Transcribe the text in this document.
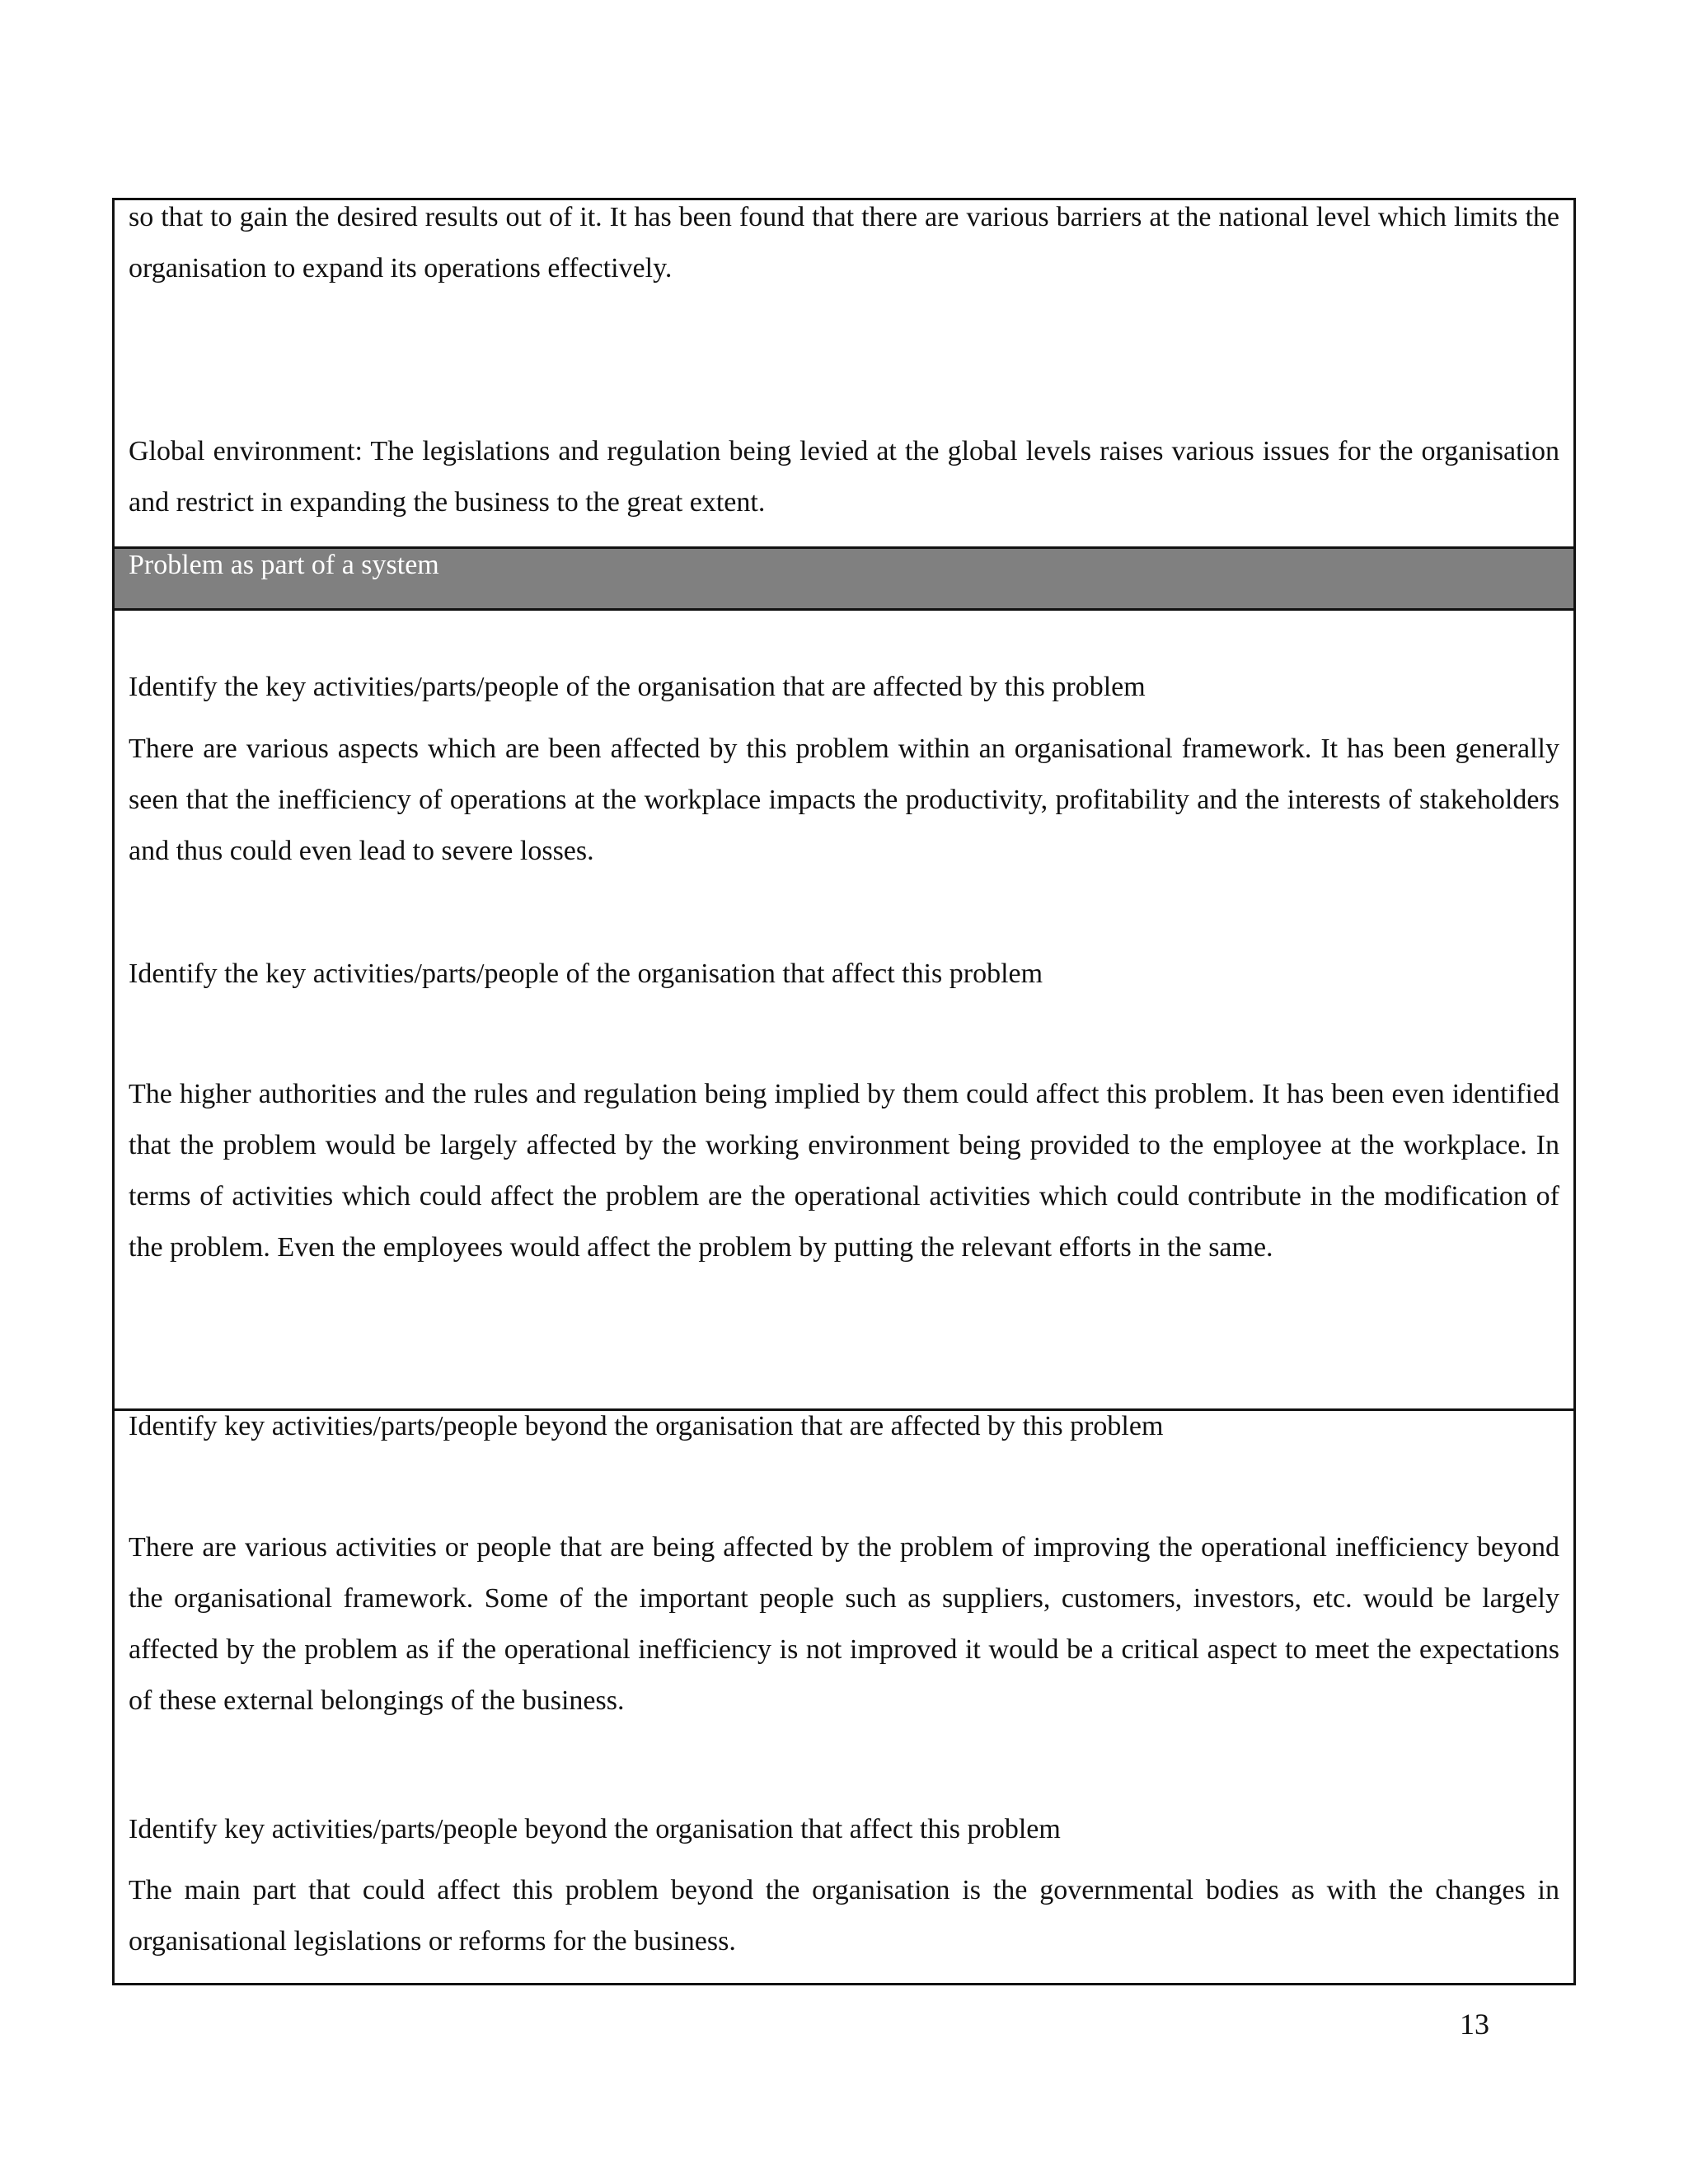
so that to gain the desired results out of it. It has been found that there are various barriers at the national level which limits the organisation to expand its operations effectively.

Global environment: The legislations and regulation being levied at the global levels raises various issues for the organisation and restrict in expanding the business to the great extent.

Problem as part of a system

Identify the key activities/parts/people of the organisation that are affected by this problem

There are various aspects which are been affected by this problem within an organisational framework. It has been generally seen that the inefficiency of operations at the workplace impacts the productivity, profitability and the interests of stakeholders and thus could even lead to severe losses.

Identify the key activities/parts/people of the organisation that affect this problem

The higher authorities and the rules and regulation being implied by them could affect this problem. It has been even identified that the problem would be largely affected by the working environment being provided to the employee at the workplace. In terms of activities which could affect the problem are the operational activities which could contribute in the modification of the problem. Even the employees would affect the problem by putting the relevant efforts in the same.

Identify key activities/parts/people beyond the organisation that are affected by this problem

There are various activities or people that are being affected by the problem of improving the operational inefficiency beyond the organisational framework. Some of the important people such as suppliers, customers, investors, etc. would be largely affected by the problem as if the operational inefficiency is not improved it would be a critical aspect to meet the expectations of these external belongings of the business.

Identify key activities/parts/people beyond the organisation that affect this problem

The main part that could affect this problem beyond the organisation is the governmental bodies as with the changes in organisational legislations or reforms for the business.

13
